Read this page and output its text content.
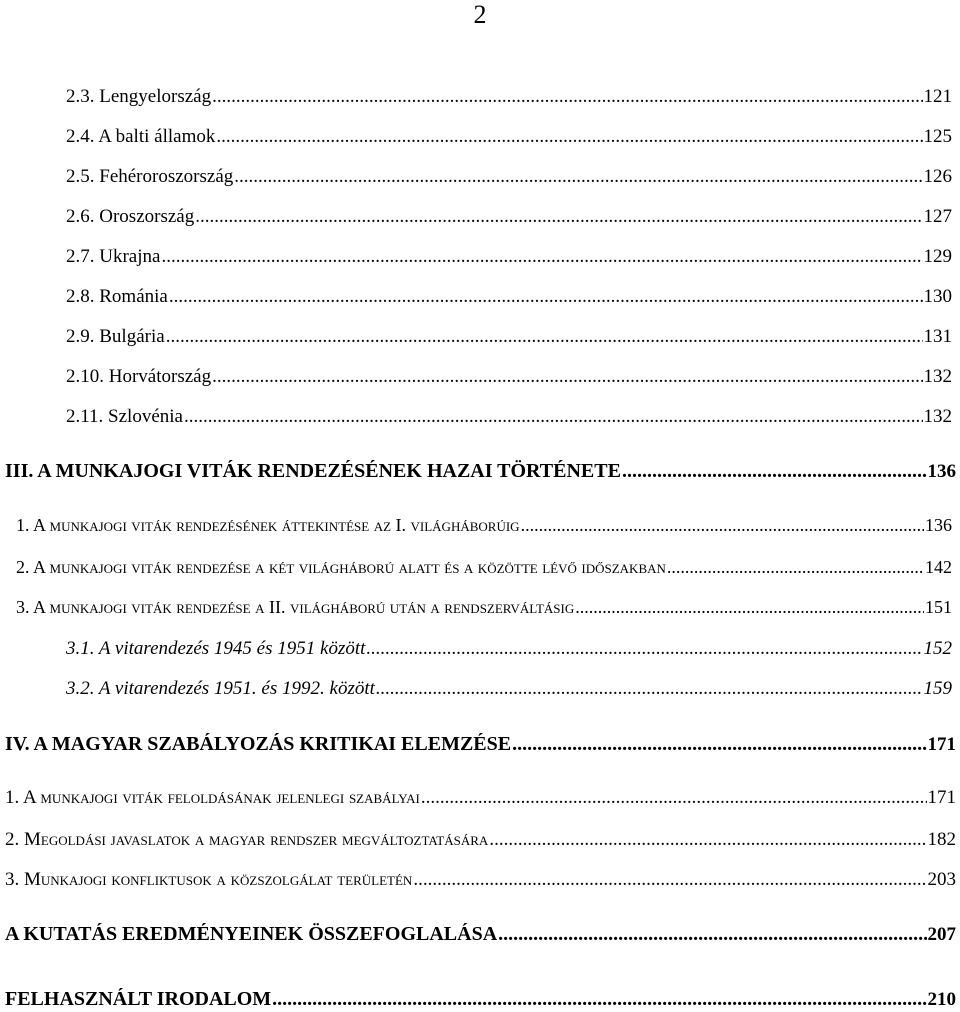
2
2.3. Lengyelország .....	121
2.4. A balti államok .....	125
2.5. Fehéroroszország .....	126
2.6. Oroszország .....	127
2.7. Ukrajna .....	129
2.8. Románia .....	130
2.9. Bulgária .....	131
2.10. Horvátország .....	132
2.11. Szlovénia .....	132
III. A MUNKAJOGI VITÁK RENDEZÉSÉNEK HAZAI TÖRTÉNETE .....	136
1. A munkajogi viták rendezésének áttekintése az I. világháborúig .....	136
2. A munkajogi viták rendezése a két világháború alatt és a közötte lévő időszakban .....	142
3. A munkajogi viták rendezése a II. világháború után a rendszerváltásig .....	151
3.1. A vitarendezés 1945 és 1951 között .....	152
3.2. A vitarendezés 1951. és 1992. között .....	159
IV. A MAGYAR SZABÁLYOZÁS KRITIKAI ELEMZÉSE .....	171
1. A munkajogi viták feloldásának jelenlegi szabályai .....	171
2. Megoldási javaslatok a magyar rendszer megváltoztatására .....	182
3. Munkajogi konfliktusok a közszolgálat területén .....	203
A KUTATÁS EREDMÉNYEINEK ÖSSZEFOGLALÁSA .....	207
FELHASZNÁLT IRODALOM .....	210
